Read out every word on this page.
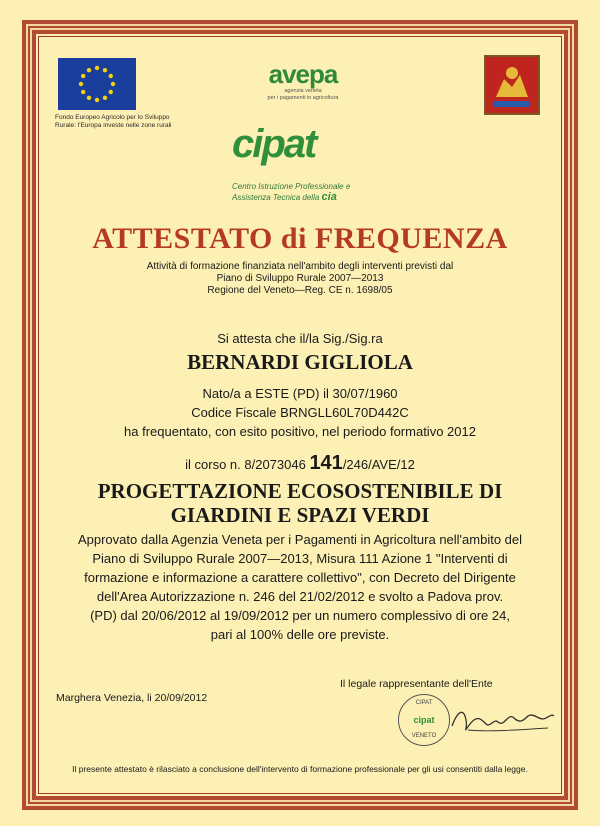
Fondo Europeo Agricolo per lo Sviluppo
Rurale: l'Europa investe nelle zone rurali
avepa
agenzia veneta
per i pagamenti in agricoltura
cipat
Centro Istruzione Professionale e
Assistenza Tecnica della cia
ATTESTATO di FREQUENZA
Attività di formazione finanziata nell'ambito degli interventi previsti dal
Piano di Sviluppo Rurale 2007—2013
Regione del Veneto—Reg. CE n. 1698/05
Si attesta che il/la Sig./Sig.ra
BERNARDI GIGLIOLA
Nato/a a ESTE (PD) il 30/07/1960
Codice Fiscale BRNGLL60L70D442C
ha frequentato, con esito positivo, nel periodo formativo 2012
il corso n. 8/2073046 141/246/AVE/12
PROGETTAZIONE ECOSOSTENIBILE DI
GIARDINI E SPAZI VERDI
Approvato dalla Agenzia Veneta per i Pagamenti in Agricoltura nell'ambito del
Piano di Sviluppo Rurale 2007—2013, Misura 111 Azione 1 "Interventi di
formazione e informazione a carattere collettivo", con Decreto del Dirigente
dell'Area Autorizzazione n. 246 del 21/02/2012 e svolto a Padova prov.
(PD) dal 20/06/2012 al 19/09/2012 per un numero complessivo di ore 24,
pari al 100% delle ore previste.
Il legale rappresentante dell'Ente
Marghera Venezia, li 20/09/2012	CIPAT
cipat
VENETO
Il presente attestato è rilasciato a conclusione dell'intervento di formazione professionale per gli usi consentiti dalla legge.
